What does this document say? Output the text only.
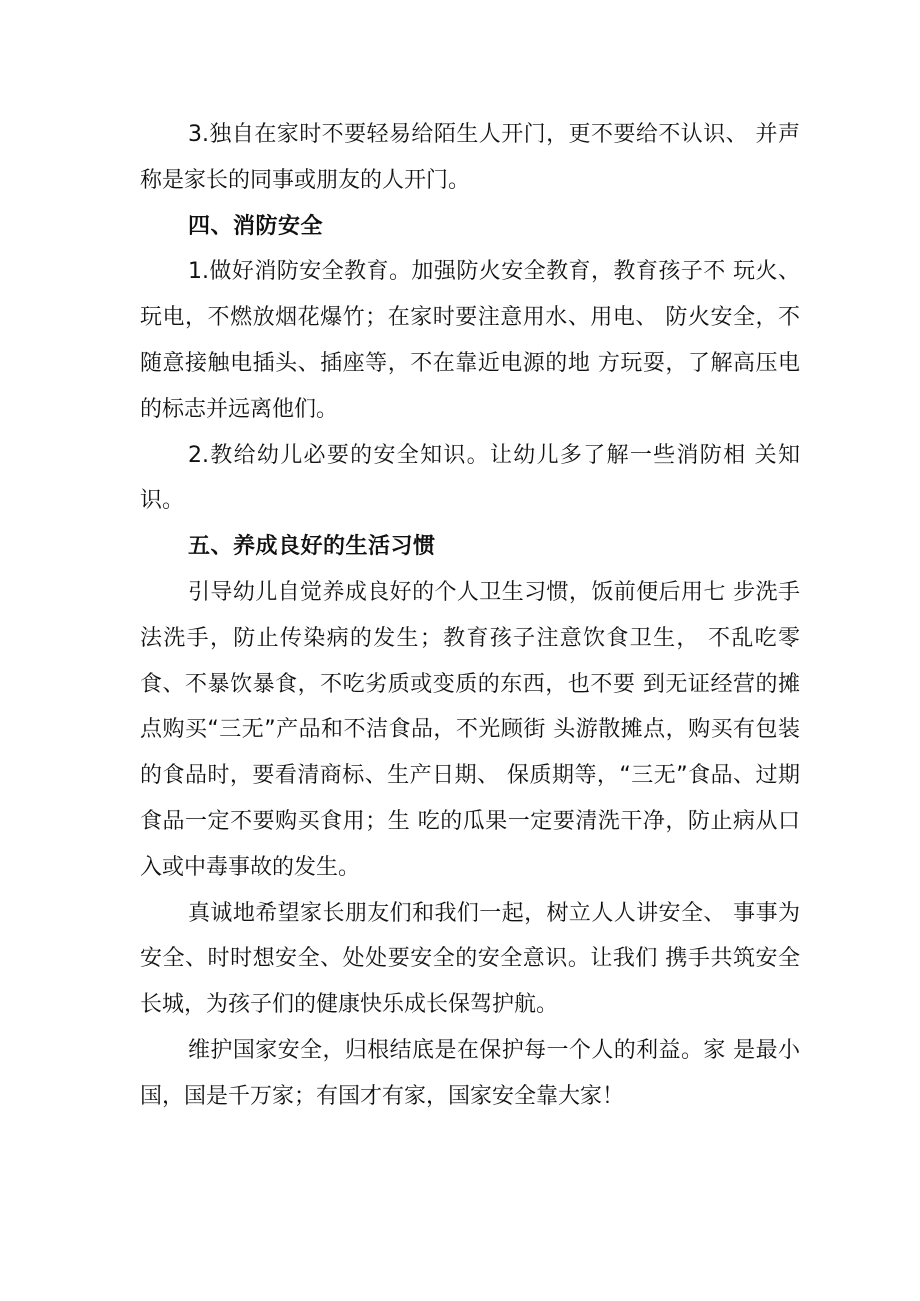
3.独自在家时不要轻易给陌生人开门，更不要给不认识、 并声称是家长的同事或朋友的人开门。

四、消防安全

1.做好消防安全教育。加强防火安全教育，教育孩子不 玩火、玩电，不燃放烟花爆竹；在家时要注意用水、用电、 防火安全，不随意接触电插头、插座等，不在靠近电源的地 方玩耍，了解高压电的标志并远离他们。

2.教给幼儿必要的安全知识。让幼儿多了解一些消防相 关知识。

五、养成良好的生活习惯

引导幼儿自觉养成良好的个人卫生习惯，饭前便后用七 步洗手法洗手，防止传染病的发生；教育孩子注意饮食卫生， 不乱吃零食、不暴饮暴食，不吃劣质或变质的东西，也不要 到无证经营的摊点购买“三无”产品和不洁食品，不光顾街 头游散摊点，购买有包装的食品时，要看清商标、生产日期、 保质期等，“三无”食品、过期食品一定不要购买食用；生 吃的瓜果一定要清洗干净，防止病从口入或中毒事故的发生。

真诚地希望家长朋友们和我们一起，树立人人讲安全、 事事为安全、时时想安全、处处要安全的安全意识。让我们 携手共筑安全长城，为孩子们的健康快乐成长保驾护航。

维护国家安全，归根结底是在保护每一个人的利益。家 是最小国，国是千万家；有国才有家，国家安全靠大家！
